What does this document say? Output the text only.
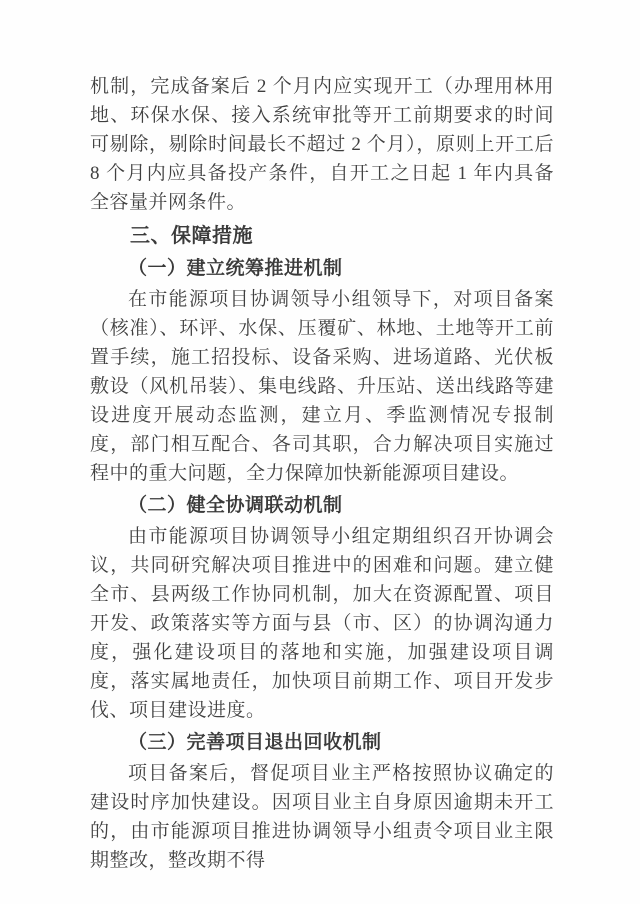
机制，完成备案后 2 个月内应实现开工（办理用林用地、环保水保、接入系统审批等开工前期要求的时间可剔除，剔除时间最长不超过 2 个月），原则上开工后 8 个月内应具备投产条件，自开工之日起 1 年内具备全容量并网条件。

三、保障措施

（一）建立统筹推进机制

在市能源项目协调领导小组领导下，对项目备案（核准）、环评、水保、压覆矿、林地、土地等开工前置手续，施工招投标、设备采购、进场道路、光伏板敷设（风机吊装）、集电线路、升压站、送出线路等建设进度开展动态监测，建立月、季监测情况专报制度，部门相互配合、各司其职，合力解决项目实施过程中的重大问题，全力保障加快新能源项目建设。

（二）健全协调联动机制

由市能源项目协调领导小组定期组织召开协调会议，共同研究解决项目推进中的困难和问题。建立健全市、县两级工作协同机制，加大在资源配置、项目开发、政策落实等方面与县（市、区）的协调沟通力度，强化建设项目的落地和实施，加强建设项目调度，落实属地责任，加快项目前期工作、项目开发步伐、项目建设进度。

（三）完善项目退出回收机制

项目备案后，督促项目业主严格按照协议确定的建设时序加快建设。因项目业主自身原因逾期未开工的，由市能源项目推进协调领导小组责令项目业主限期整改，整改期不得
